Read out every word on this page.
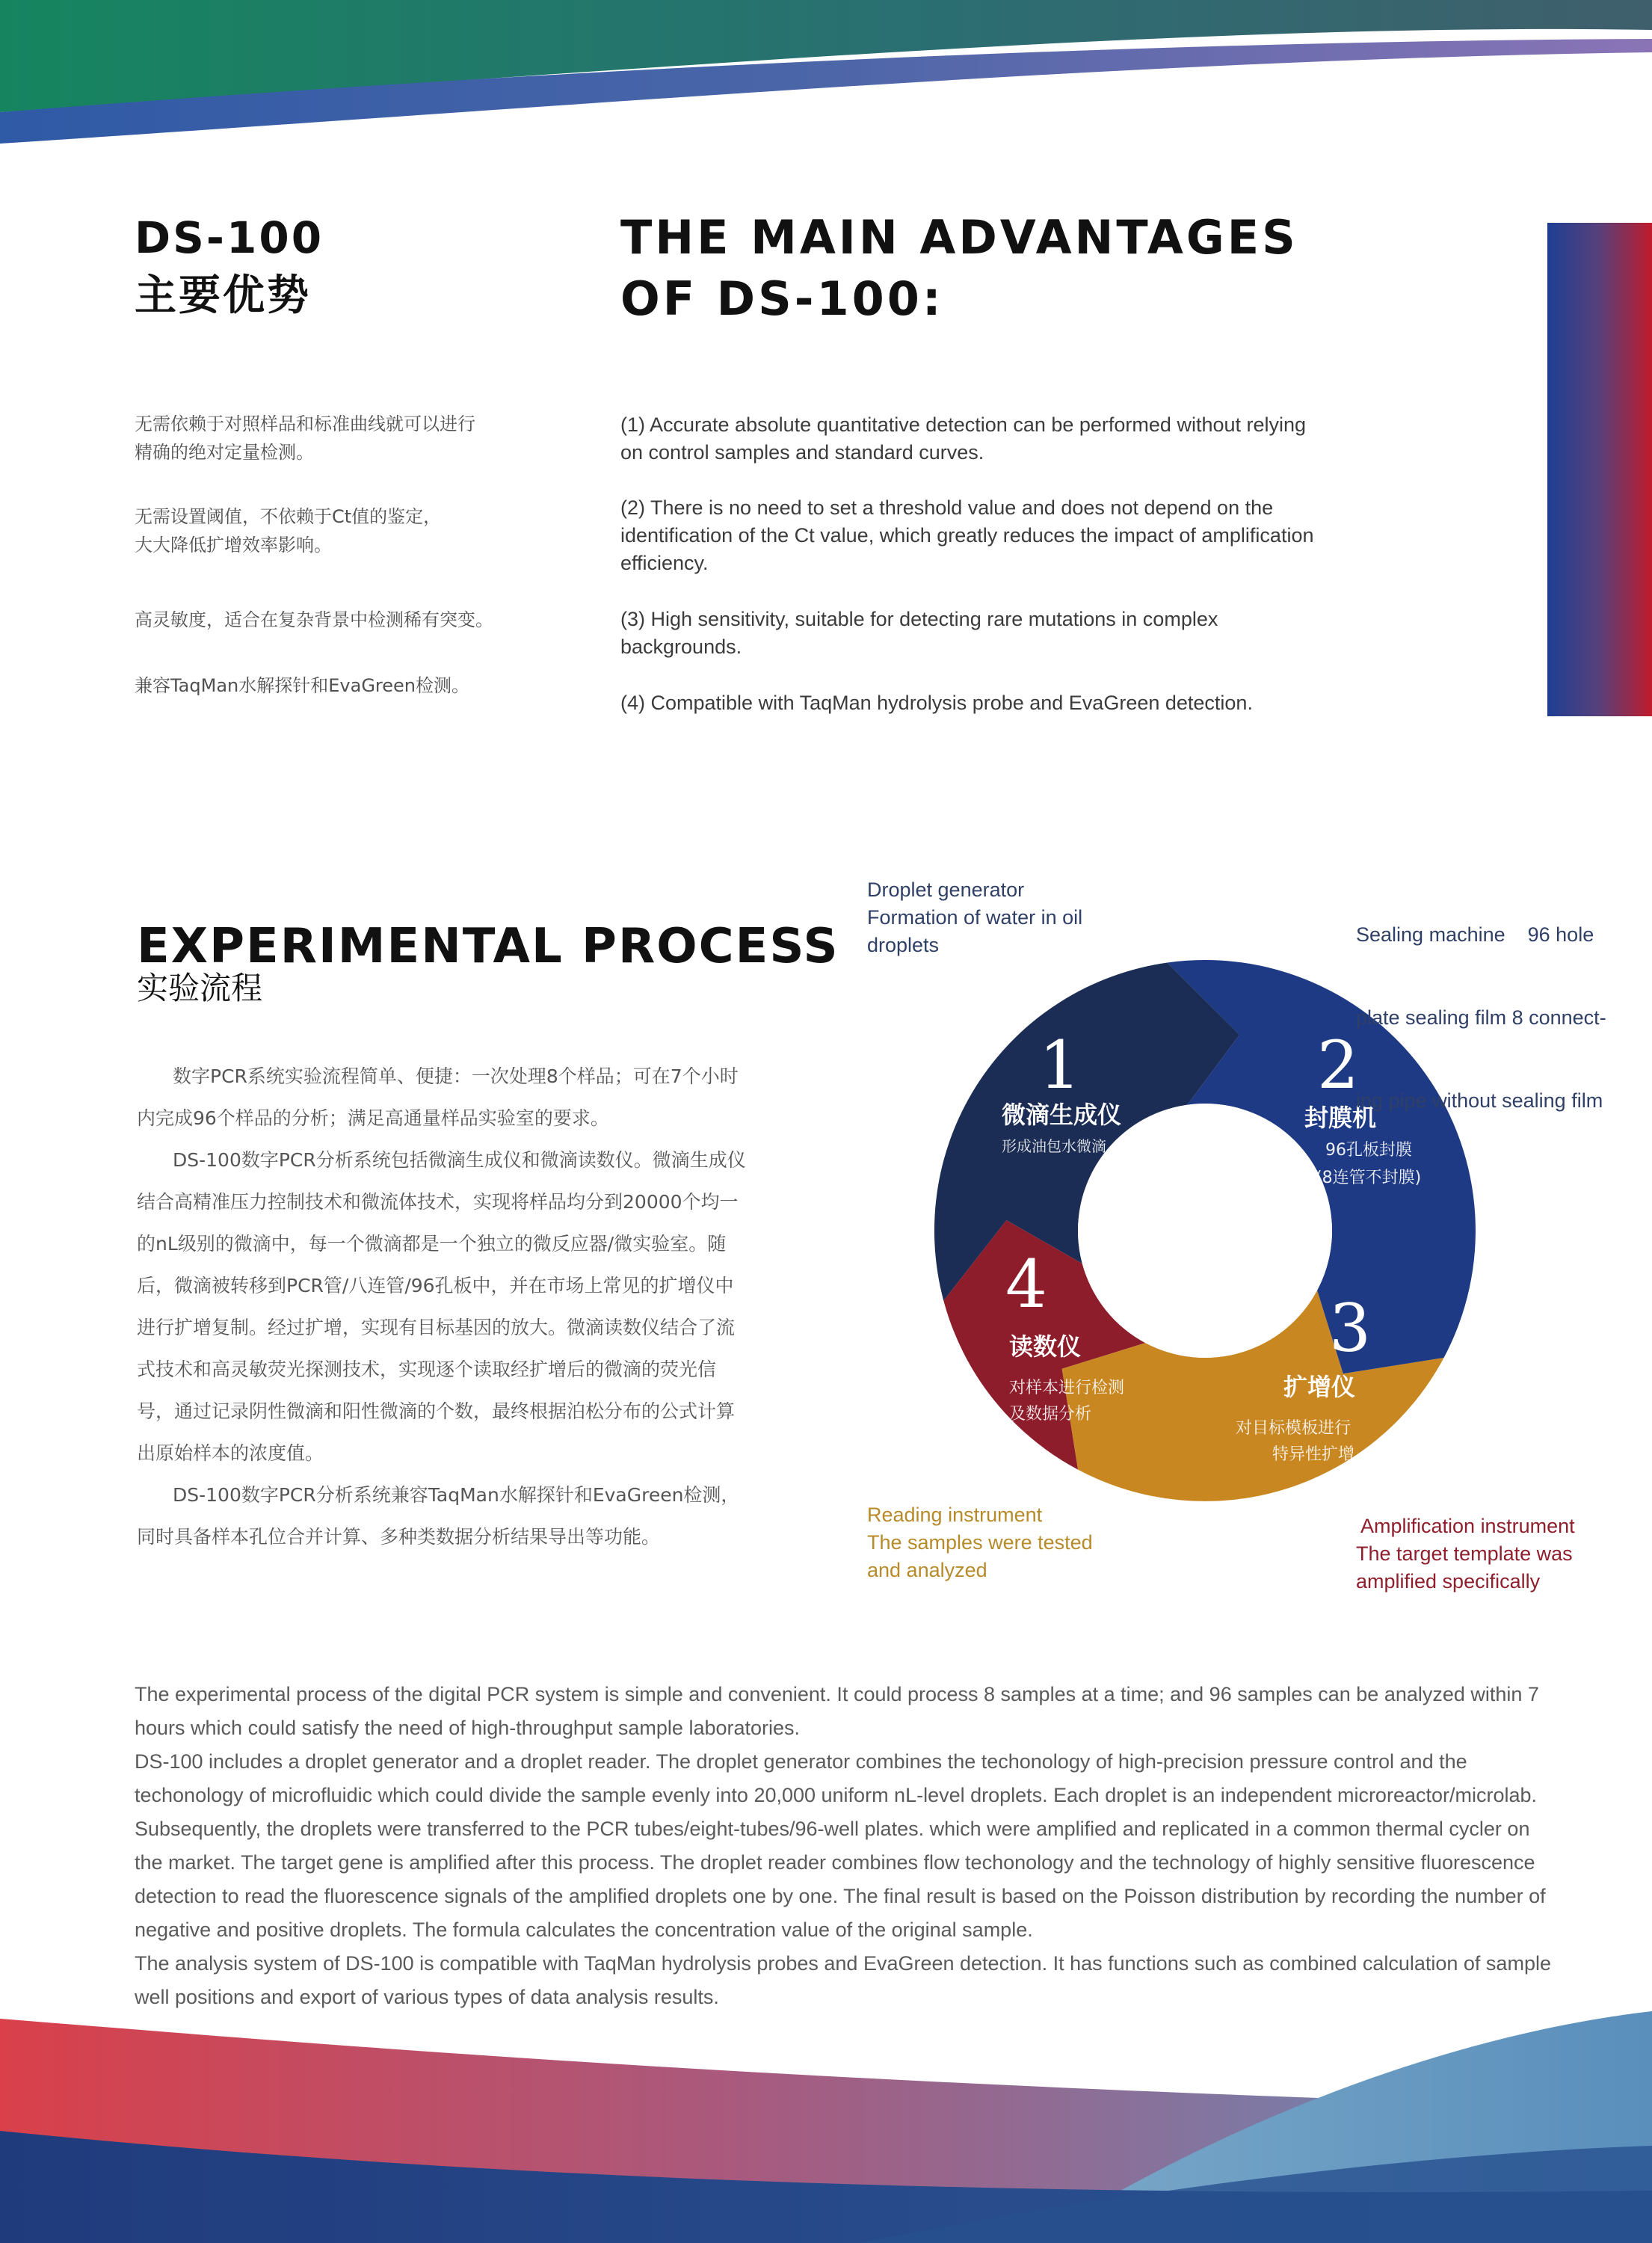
DS-100
主要优势
THE MAIN ADVANTAGES
OF DS-100:
无需依赖于对照样品和标准曲线就可以进行
精确的绝对定量检测。
无需设置阈值，不依赖于Ct值的鉴定，
大大降低扩增效率影响。
高灵敏度，适合在复杂背景中检测稀有突变。
兼容TaqMan水解探针和EvaGreen检测。
(1) Accurate absolute quantitative detection can be performed without relying
on control samples and standard curves.
(2) There is no need to set a threshold value and does not depend on the
identification of the Ct value, which greatly reduces the impact of amplification
efficiency.
(3) High sensitivity, suitable for detecting rare mutations in complex
backgrounds.
(4) Compatible with TaqMan hydrolysis probe and EvaGreen detection.
EXPERIMENTAL PROCESS
实验流程

数字PCR系统实验流程简单、便捷：一次处理8个样品；可在7个小时内完成96个样品的分析；满足高通量样品实验室的要求。

DS-100数字PCR分析系统包括微滴生成仪和微滴读数仪。微滴生成仪结合高精准压力控制技术和微流体技术，实现将样品均分到20000个均一的nL级别的微滴中，每一个微滴都是一个独立的微反应器/微实验室。随后，微滴被转移到PCR管/八连管/96孔板中，并在市场上常见的扩增仪中进行扩增复制。经过扩增，实现有目标基因的放大。微滴读数仪结合了流式技术和高灵敏荧光探测技术，实现逐个读取经扩增后的微滴的荧光信号，通过记录阴性微滴和阳性微滴的个数，最终根据泊松分布的公式计算出原始样本的浓度值。

DS-100数字PCR分析系统兼容TaqMan水解探针和EvaGreen检测，同时具备样本孔位合并计算、多种类数据分析结果导出等功能。

1	2
3
4
微滴生成仪	封膜机
扩增仪
读数仪
形成油包水微滴	96孔板封膜
(8连管不封膜)
对目标模板进行
特异性扩增
对样本进行检测
及数据分析
Droplet generator
Formation of water in oil
droplets

	Sealing machine    96 hole

plate sealing film 8 connect-

ing pipe without sealing film

Reading instrument
The samples were tested
and analyzed
Amplification instrument
The target template was
amplified specifically

The experimental process of the digital PCR system is simple and convenient. It could process 8 samples at a time; and 96 samples can be analyzed within 7 hours which could satisfy the need of high-throughput sample laboratories.

DS-100 includes a droplet generator and a droplet reader. The droplet generator combines the techonology of high-precision pressure control and the techonology of microfluidic which could divide the sample evenly into 20,000 uniform nL-level droplets. Each droplet is an independent microreactor/microlab. Subsequently, the droplets were transferred to the PCR tubes/eight-tubes/96-well plates. which were amplified and replicated in a common thermal cycler on the market. The target gene is amplified after this process. The droplet reader combines flow techonology and the technology of highly sensitive fluorescence detection to read the fluorescence signals of the amplified droplets one by one. The final result is based on the Poisson distribution by recording the number of negative and positive droplets. The formula calculates the concentration value of the original sample.

The analysis system of DS-100 is compatible with TaqMan hydrolysis probes and EvaGreen detection. It has functions such as combined calculation of sample well positions and export of various types of data analysis results.
